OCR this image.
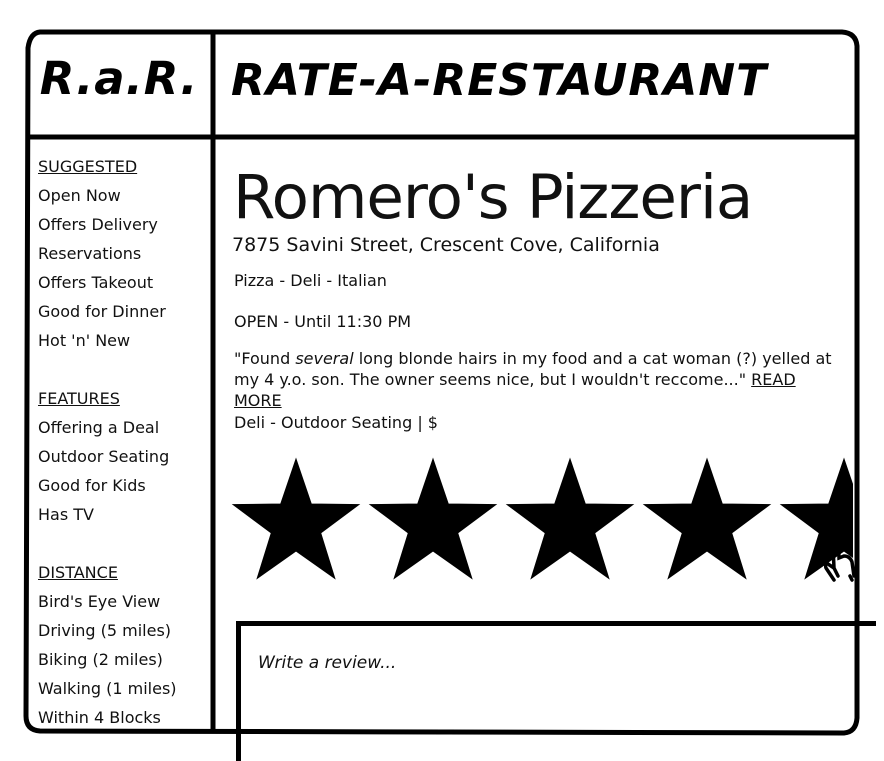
R.a.R. RATE-A-RESTAURANT
SUGGESTED
Open Now
Offers Delivery
Reservations
Offers Takeout
Good for Dinner
Hot 'n' New
FEATURES
Offering a Deal
Outdoor Seating
Good for Kids
Has TV
DISTANCE
Bird's Eye View
Driving (5 miles)
Biking (2 miles)
Walking (1 miles)
Within 4 Blocks
Romero's Pizzeria
7875 Savini Street, Crescent Cove, California
Pizza - Deli - Italian
OPEN - Until 11:30 PM
"Found several long blonde hairs in my food and a cat woman (?) yelled at my 4 y.o. son. The owner seems nice, but I wouldn't reccome..." READ MORE
Deli - Outdoor Seating | $
Write a review...
